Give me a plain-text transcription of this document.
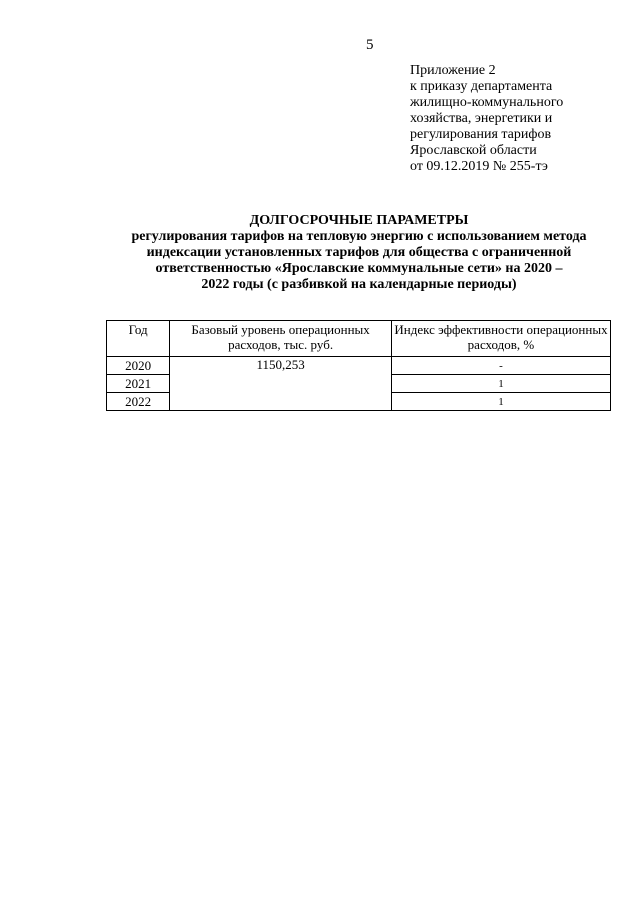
5
Приложение 2
к приказу департамента
жилищно-коммунального
хозяйства, энергетики и
регулирования тарифов
Ярославской области
от 09.12.2019 № 255-тэ
ДОЛГОСРОЧНЫЕ ПАРАМЕТРЫ
регулирования тарифов на тепловую энергию с использованием метода
индексации установленных тарифов для общества с ограниченной
ответственностью «Ярославские коммунальные сети» на 2020 –
2022 годы (с разбивкой на календарные периоды)
Год	Базовый уровень операционных расходов, тыс. руб.	Индекс эффективности операционных расходов, %
2020	1150,253	-
2021		1
2022		1
